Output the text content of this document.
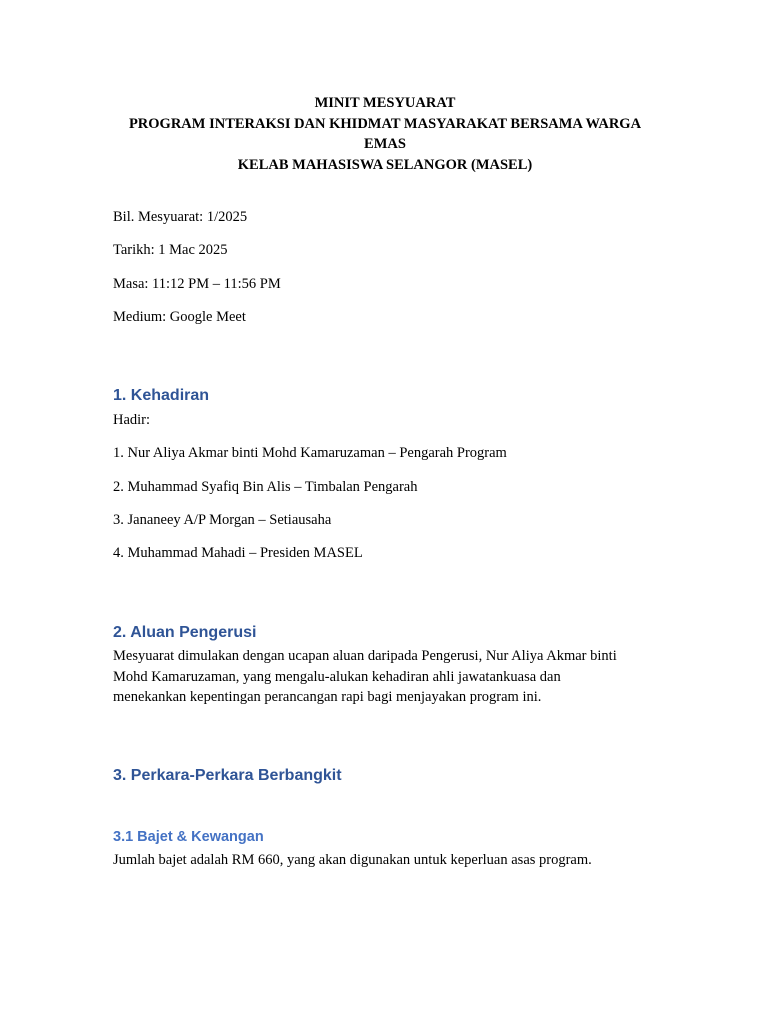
MINIT MESYUARAT
PROGRAM INTERAKSI DAN KHIDMAT MASYARAKAT BERSAMA WARGA
EMAS
KELAB MAHASISWA SELANGOR (MASEL)
Bil. Mesyuarat: 1/2025
Tarikh: 1 Mac 2025
Masa: 11:12 PM – 11:56 PM
Medium: Google Meet
1. Kehadiran
Hadir:
1. Nur Aliya Akmar binti Mohd Kamaruzaman – Pengarah Program
2. Muhammad Syafiq Bin Alis – Timbalan Pengarah
3. Jananeey A/P Morgan – Setiausaha
4. Muhammad Mahadi – Presiden MASEL
2. Aluan Pengerusi

Mesyuarat dimulakan dengan ucapan aluan daripada Pengerusi, Nur Aliya Akmar binti

Mohd Kamaruzaman, yang mengalu-alukan kehadiran ahli jawatankuasa dan

menekankan kepentingan perancangan rapi bagi menjayakan program ini.

3. Perkara-Perkara Berbangkit
3.1 Bajet & Kewangan
Jumlah bajet adalah RM 660, yang akan digunakan untuk keperluan asas program.
